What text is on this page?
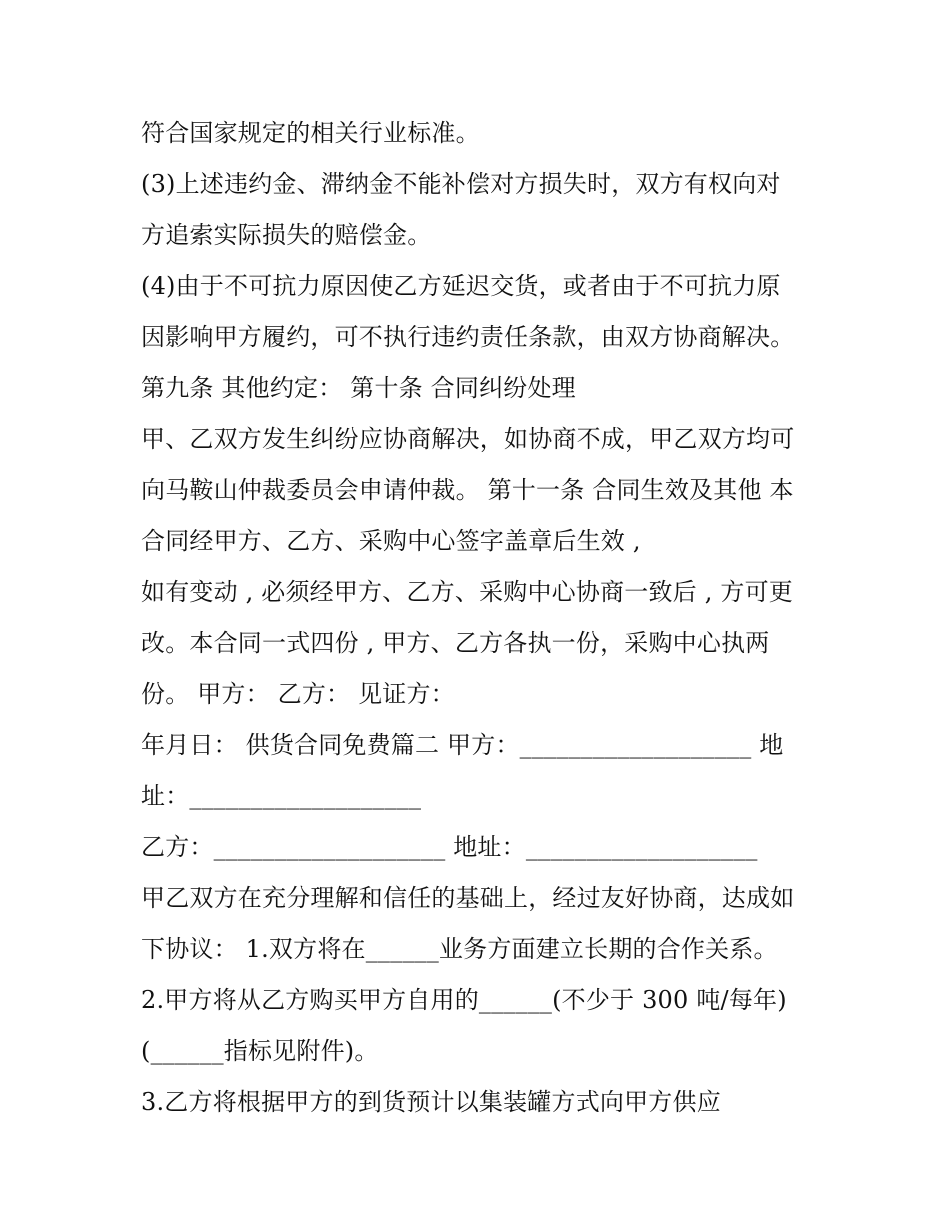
符合国家规定的相关行业标准。
(3)上述违约金、滞纳金不能补偿对方损失时，双方有权向对
方追索实际损失的赔偿金。
(4)由于不可抗力原因使乙方延迟交货，或者由于不可抗力原
因影响甲方履约，可不执行违约责任条款，由双方协商解决。
第九条 其他约定： 第十条 合同纠纷处理
甲、乙双方发生纠纷应协商解决，如协商不成，甲乙双方均可
向马鞍山仲裁委员会申请仲裁。 第十一条 合同生效及其他 本
合同经甲方、乙方、采购中心签字盖章后生效 ,
如有变动 , 必须经甲方、乙方、采购中心协商一致后 , 方可更
改。本合同一式四份 , 甲方、乙方各执一份，采购中心执两
份。 甲方： 乙方： 见证方：
年月日： 供货合同免费篇二 甲方：___________________ 地
址：___________________
乙方：___________________ 地址：___________________
甲乙双方在充分理解和信任的基础上，经过友好协商，达成如
下协议： 1.双方将在______业务方面建立长期的合作关系。
2.甲方将从乙方购买甲方自用的______(不少于 300 吨/每年)
(______指标见附件)。
3.乙方将根据甲方的到货预计以集装罐方式向甲方供应
